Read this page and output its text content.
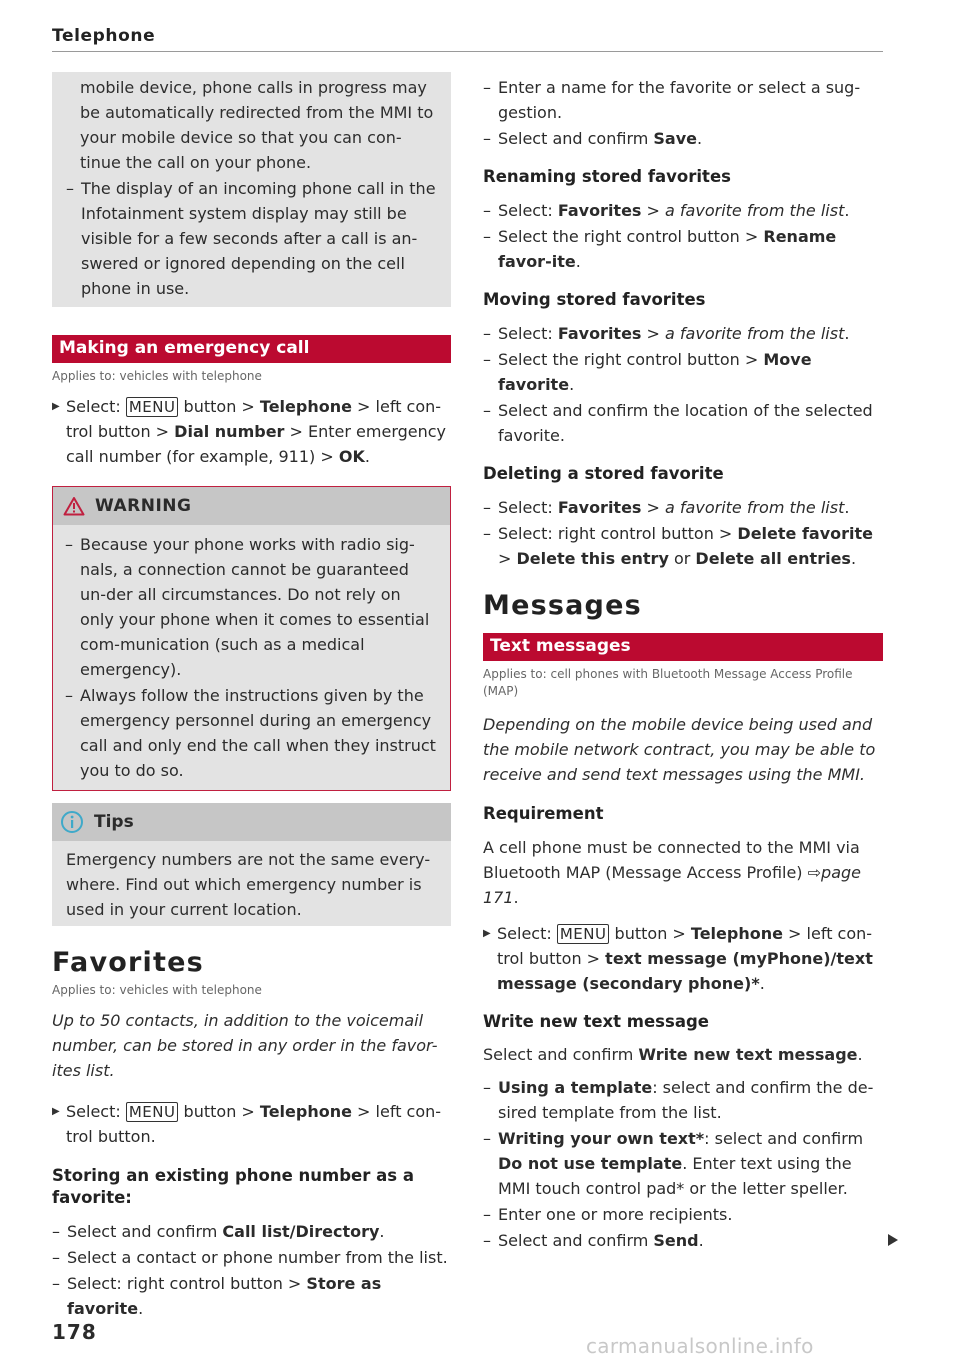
Telephone

mobile device, phone calls in progress may be automatically redirected from the MMI to your mobile device so that you can con-tinue the call on your phone.

– The display of an incoming phone call in the Infotainment system display may still be visible for a few seconds after a call is an-swered or ignored depending on the cell phone in use.
Making an emergency call
Applies to: vehicles with telephone
▶ Select: MENU button > Telephone > left con-trol button > Dial number > Enter emergency call number (for example, 911) > OK.
WARNING
– Because your phone works with radio sig-nals, a connection cannot be guaranteed un-der all circumstances. Do not rely on only your phone when it comes to essential com-munication (such as a medical emergency).
– Always follow the instructions given by the emergency personnel during an emergency call and only end the call when they instruct you to do so.
Tips

Emergency numbers are not the same every-where. Find out which emergency number is used in your current location.

Favorites
Applies to: vehicles with telephone

Up to 50 contacts, in addition to the voicemail number, can be stored in any order in the favor-ites list.

▶ Select: MENU button > Telephone > left con-trol button.
Storing an existing phone number as a favorite:
– Select and confirm Call list/Directory.
– Select a contact or phone number from the list.
– Select: right control button > Store as favorite.
– Enter a name for the favorite or select a sug-gestion.
– Select and confirm Save.
Renaming stored favorites
– Select: Favorites > a favorite from the list.
– Select the right control button > Rename favor-ite.
Moving stored favorites
– Select: Favorites > a favorite from the list.
– Select the right control button > Move favorite.
– Select and confirm the location of the selected favorite.
Deleting a stored favorite
– Select: Favorites > a favorite from the list.
– Select: right control button > Delete favorite > Delete this entry or Delete all entries.
Messages
Text messages
Applies to: cell phones with Bluetooth Message Access Profile (MAP)

Depending on the mobile device being used and the mobile network contract, you may be able to receive and send text messages using the MMI.

Requirement

A cell phone must be connected to the MMI via Bluetooth MAP (Message Access Profile) ⇨page 171.

▶ Select: MENU button > Telephone > left con-trol button > text message (myPhone)/text message (secondary phone)*.
Write new text message

Select and confirm Write new text message.

– Using a template: select and confirm the de-sired template from the list.
– Writing your own text*: select and confirm Do not use template. Enter text using the MMI touch control pad* or the letter speller.
– Enter one or more recipients.
– Select and confirm Send.
178
carmanualsonline.info
